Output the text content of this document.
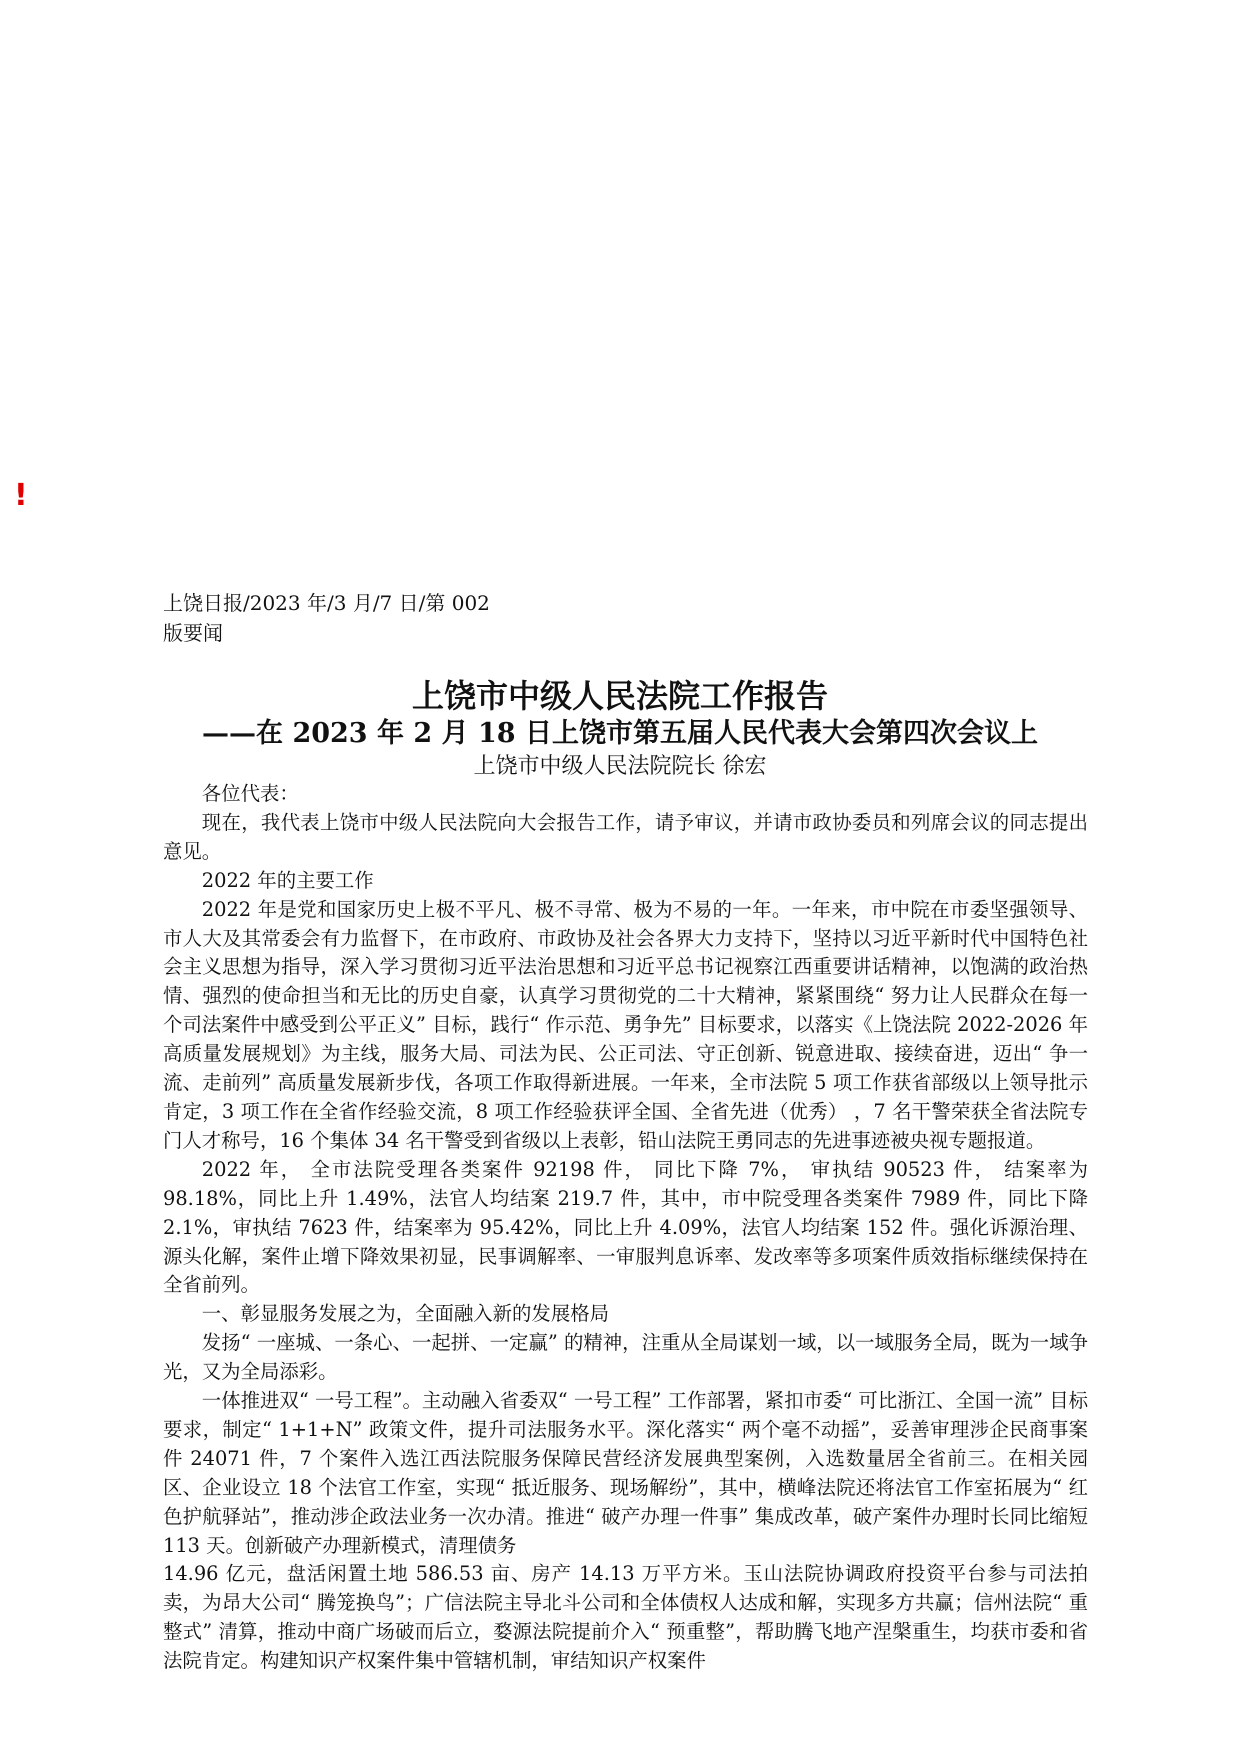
!
上饶日报/2023 年/3 月/7 日/第 002
版要闻
上饶市中级人民法院工作报告
——在 2023 年 2 月 18 日上饶市第五届人民代表大会第四次会议上
上饶市中级人民法院院长 徐宏

各位代表：

现在，我代表上饶市中级人民法院向大会报告工作，请予审议，并请市政协委员和列席会议的同志提出意见。

2022 年的主要工作

2022 年是党和国家历史上极不平凡、极不寻常、极为不易的一年。一年来，市中院在市委坚强领导、市人大及其常委会有力监督下，在市政府、市政协及社会各界大力支持下，坚持以习近平新时代中国特色社会主义思想为指导，深入学习贯彻习近平法治思想和习近平总书记视察江西重要讲话精神，以饱满的政治热情、强烈的使命担当和无比的历史自豪，认真学习贯彻党的二十大精神，紧紧围绕“ 努力让人民群众在每一个司法案件中感受到公平正义” 目标，践行“ 作示范、勇争先” 目标要求，以落实《上饶法院 2022-2026 年高质量发展规划》为主线，服务大局、司法为民、公正司法、守正创新、锐意进取、接续奋进，迈出“ 争一流、走前列” 高质量发展新步伐，各项工作取得新进展。一年来，全市法院 5 项工作获省部级以上领导批示肯定，3 项工作在全省作经验交流，8 项工作经验获评全国、全省先进（优秀） ，7 名干警荣获全省法院专门人才称号，16 个集体 34 名干警受到省级以上表彰，铅山法院王勇同志的先进事迹被央视专题报道。

2022 年， 全市法院受理各类案件 92198 件， 同比下降 7%， 审执结 90523 件， 结案率为 98.18%，同比上升 1.49%，法官人均结案 219.7 件，其中，市中院受理各类案件 7989 件，同比下降 2.1%，审执结 7623 件，结案率为 95.42%，同比上升 4.09%，法官人均结案 152 件。强化诉源治理、源头化解，案件止增下降效果初显，民事调解率、一审服判息诉率、发改率等多项案件质效指标继续保持在全省前列。

一、彰显服务发展之为，全面融入新的发展格局

发扬“ 一座城、一条心、一起拼、一定赢” 的精神，注重从全局谋划一域，以一域服务全局，既为一域争光，又为全局添彩。

一体推进双“ 一号工程”。主动融入省委双“ 一号工程” 工作部署，紧扣市委“ 可比浙江、全国一流” 目标要求，制定“ 1+1+N” 政策文件，提升司法服务水平。深化落实“ 两个毫不动摇”，妥善审理涉企民商事案件 24071 件，7 个案件入选江西法院服务保障民营经济发展典型案例，入选数量居全省前三。在相关园区、企业设立 18 个法官工作室，实现“ 抵近服务、现场解纷”，其中，横峰法院还将法官工作室拓展为“ 红色护航驿站”，推动涉企政法业务一次办清。推进“ 破产办理一件事” 集成改革，破产案件办理时长同比缩短 113 天。创新破产办理新模式，清理债务

14.96 亿元，盘活闲置土地 586.53 亩、房产 14.13 万平方米。玉山法院协调政府投资平台参与司法拍卖，为昂大公司“ 腾笼换鸟”；广信法院主导北斗公司和全体债权人达成和解，实现多方共赢；信州法院“ 重整式” 清算，推动中商广场破而后立，婺源法院提前介入“ 预重整”，帮助腾飞地产涅槃重生，均获市委和省法院肯定。构建知识产权案件集中管辖机制，审结知识产权案件
